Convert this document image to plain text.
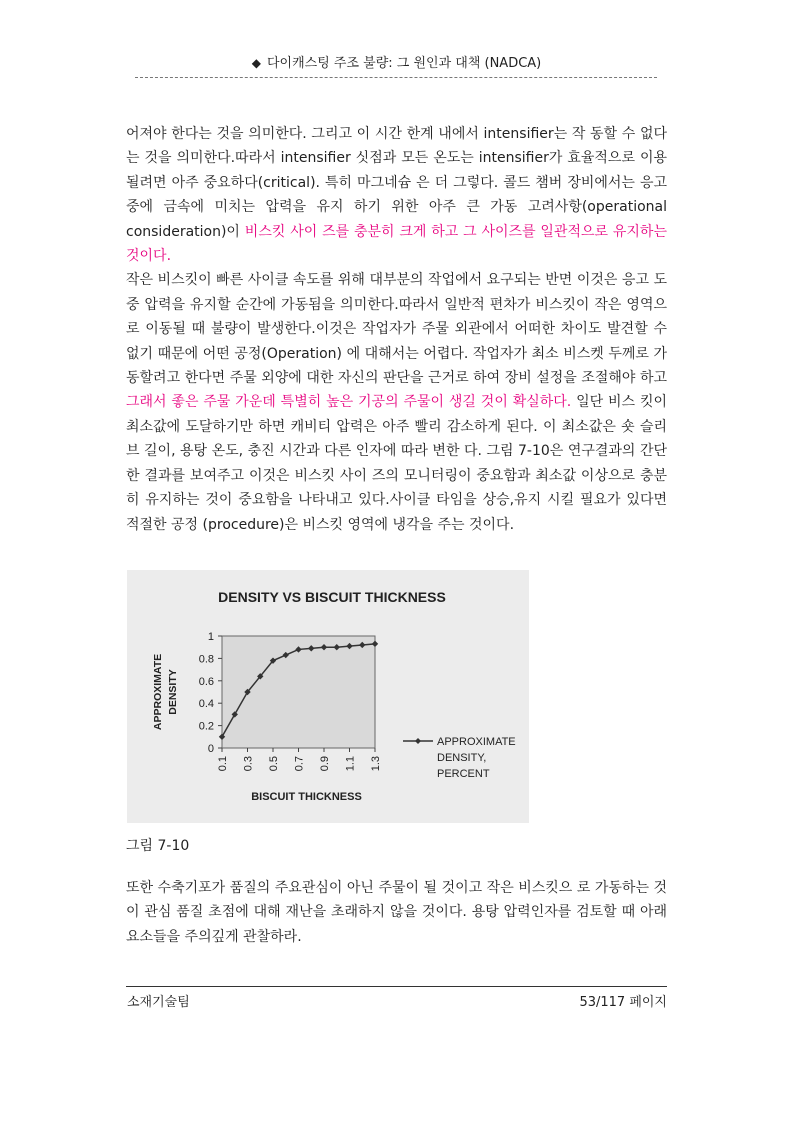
◆ 다이캐스팅 주조 불량: 그 원인과 대책 (NADCA)

어져야 한다는 것을 의미한다. 그리고 이 시간 한계 내에서 intensifier는 작 동할 수 없다는 것을 의미한다.따라서 intensifier 싯점과 모든 온도는 intensifier가 효율적으로 이용될려면 아주 중요하다(critical). 특히 마그네슘 은 더 그렇다. 콜드 챔버 장비에서는 응고 중에 금속에 미치는 압력을 유지 하기 위한 아주 큰 가동 고려사항(operational consideration)이 비스킷 사이 즈를 충분히 크게 하고 그 사이즈를 일관적으로 유지하는 것이다.

작은 비스킷이 빠른 사이클 속도를 위해 대부분의 작업에서 요구되는 반면 이것은 응고 도중 압력을 유지할 순간에 가동됨을 의미한다.따라서 일반적 편차가 비스킷이 작은 영역으로 이동될 때 불량이 발생한다.이것은 작업자가 주물 외관에서 어떠한 차이도 발견할 수 없기 때문에 어떤 공정(Operation) 에 대해서는 어렵다. 작업자가 최소 비스켓 두께로 가동할려고 한다면 주물 외양에 대한 자신의 판단을 근거로 하여 장비 설정을 조절해야 하고 그래서 좋은 주물 가운데 특별히 높은 기공의 주물이 생길 것이 확실하다. 일단 비스 킷이 최소값에 도달하기만 하면 캐비티 압력은 아주 빨리 감소하게 된다. 이 최소값은 숏 슬리브 길이, 용탕 온도, 충진 시간과 다른 인자에 따라 변한 다. 그림 7-10은 연구결과의 간단한 결과를 보여주고 이것은 비스킷 사이 즈의 모니터링이 중요함과 최소값 이상으로 충분히 유지하는 것이 중요함을 나타내고 있다.사이클 타임을 상승,유지 시킬 필요가 있다면 적절한 공정 (procedure)은 비스킷 영역에 냉각을 주는 것이다.

DENSITY VS BISCUIT THICKNESS
0
0.2
0.4
0.6
0.8
1
0.1 0.3 0.5 0.7 0.9 1.1 1.3
BISCUIT THICKNESS
APPROXIMATE DENSITY
APPROXIMATE
DENSITY,
PERCENT
그림 7-10

또한 수축기포가 품질의 주요관심이 아닌 주물이 될 것이고 작은 비스킷으 로 가동하는 것이 관심 품질 초점에 대해 재난을 초래하지 않을 것이다. 용탕 압력인자를 검토할 때 아래 요소들을 주의깊게 관찰하라.

소재기술팀	53/117 페이지
